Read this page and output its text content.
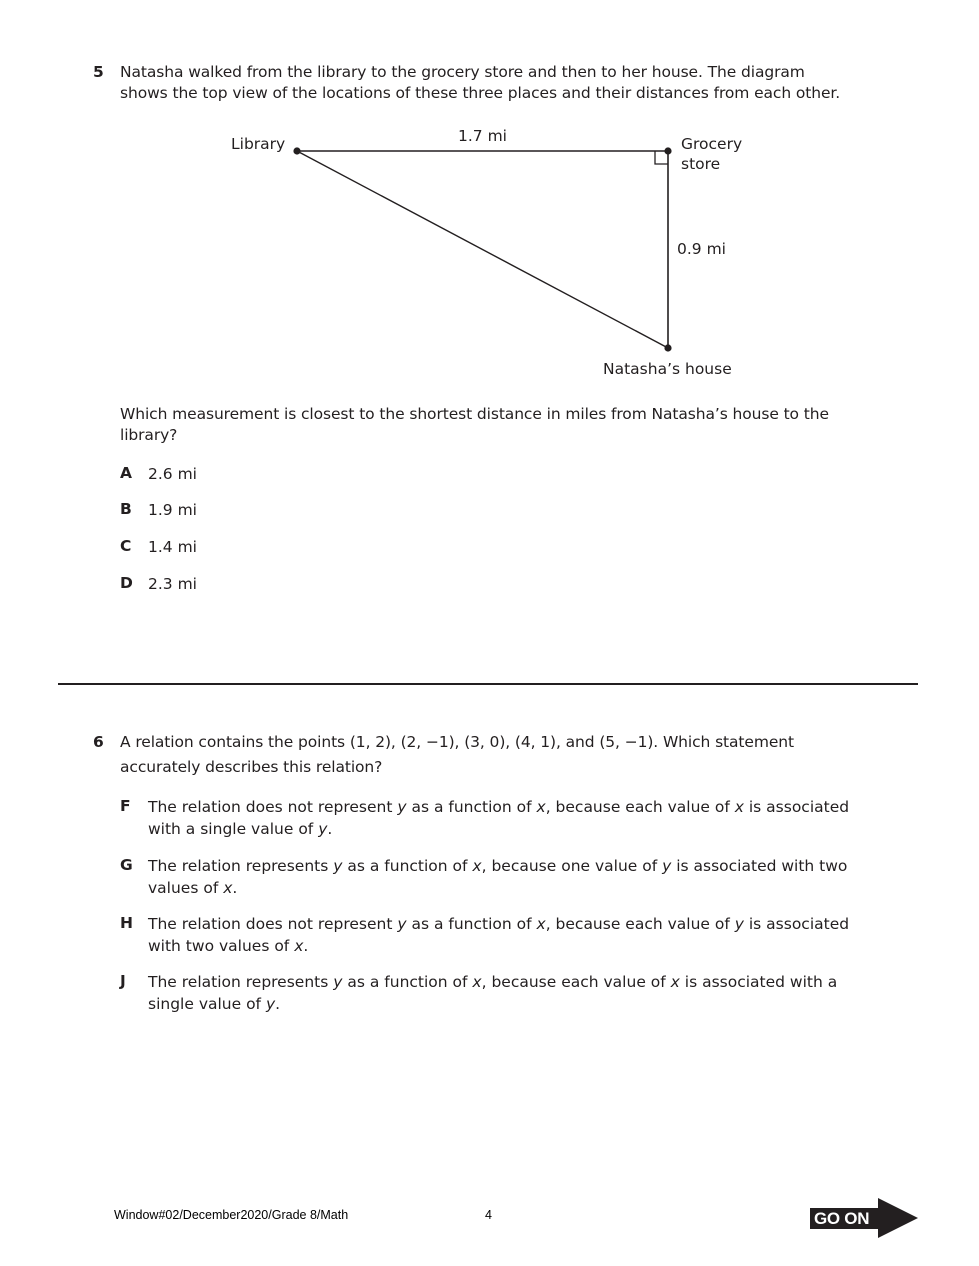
5 Natasha walked from the library to the grocery store and then to her house. The diagram
shows the top view of the locations of these three places and their distances from each other.
Library	1.7 mi	Grocery
store
0.9 mi
Natasha’s house
Which measurement is closest to the shortest distance in miles from Natasha’s house to the
library?
A 2.6 mi
B 1.9 mi
C 1.4 mi
D 2.3 mi
6 A relation contains the points (1, 2), (2, −1), (3, 0), (4, 1), and (5, −1). Which statement
accurately describes this relation?
F The relation does not represent y as a function of x, because each value of x is associated
with a single value of y.
G The relation represents y as a function of x, because one value of y is associated with two
values of x.
H The relation does not represent y as a function of x, because each value of y is associated
with two values of x.
J The relation represents y as a function of x, because each value of x is associated with a
single value of y.
Window#02/December2020/Grade 8/Math	4	GO ON
